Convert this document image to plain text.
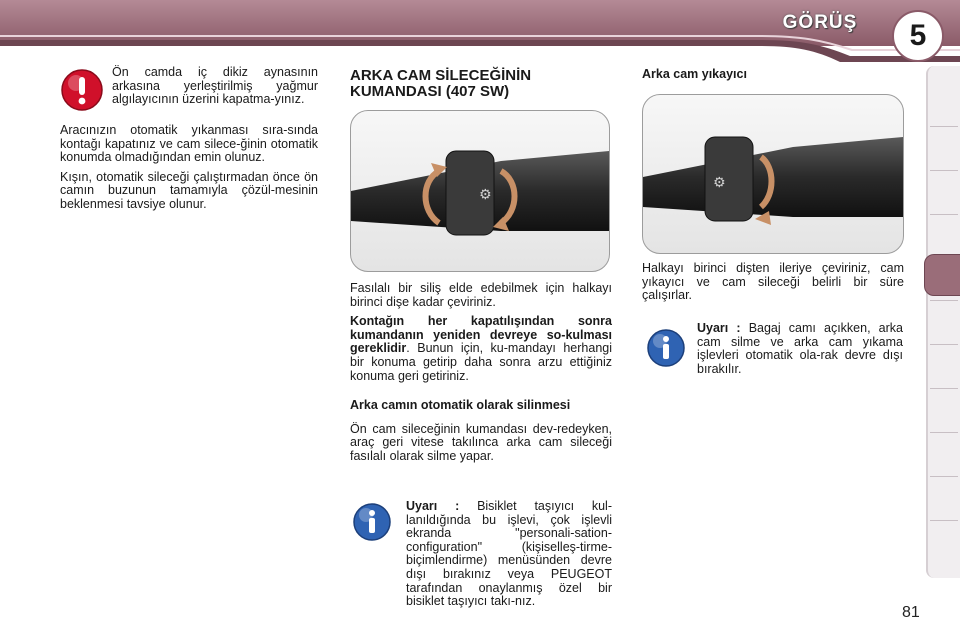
GÖRÜŞ	5
Ön camda iç dikiz aynasının arkasına yerleştirilmiş yağmur algılayıcının üzerini kapatma-yınız.

Aracınızın otomatik yıkanması sıra-sında kontağı kapatınız ve cam silece-ğinin otomatik konumda olmadığından emin olunuz.

Kışın, otomatik sileceği çalıştırmadan önce ön camın buzunun tamamıyla çözül-mesinin beklenmesi tavsiye olunur.

ARKA CAM SİLECEĞİNİN KUMANDASI (407 SW)

⚙

Fasılalı bir siliş elde edebilmek için halkayı birinci dişe kadar çeviriniz.

Kontağın her kapatılışından sonra kumandanın yeniden devreye so-kulması gereklidir. Bunun için, ku-mandayı herhangi bir konuma getirip daha sonra arzu ettiğiniz konuma geri getiriniz.

Arka camın otomatik olarak silinmesi

Ön cam sileceğinin kumandası dev-redeyken, araç geri vitese takılınca arka cam sileceği fasılalı olarak silme yapar.

Uyarı : Bisiklet taşıyıcı kul-lanıldığında bu işlevi, çok işlevli ekranda "personali-sation-configuration" (kişiselleş-tirme-biçimlendirme) menüsünden devre dışı bırakınız veya PEUGEOT tarafından onaylanmış özel bir bisiklet taşıyıcı takı-nız.

Arka cam yıkayıcı

⚙

Halkayı birinci dişten ileriye çeviriniz, cam yıkayıcı ve cam sileceği belirli bir süre çalışırlar.

Uyarı : Bagaj camı açıkken, arka cam silme ve arka cam yıkama işlevleri otomatik ola-rak devre dışı bırakılır.

81
